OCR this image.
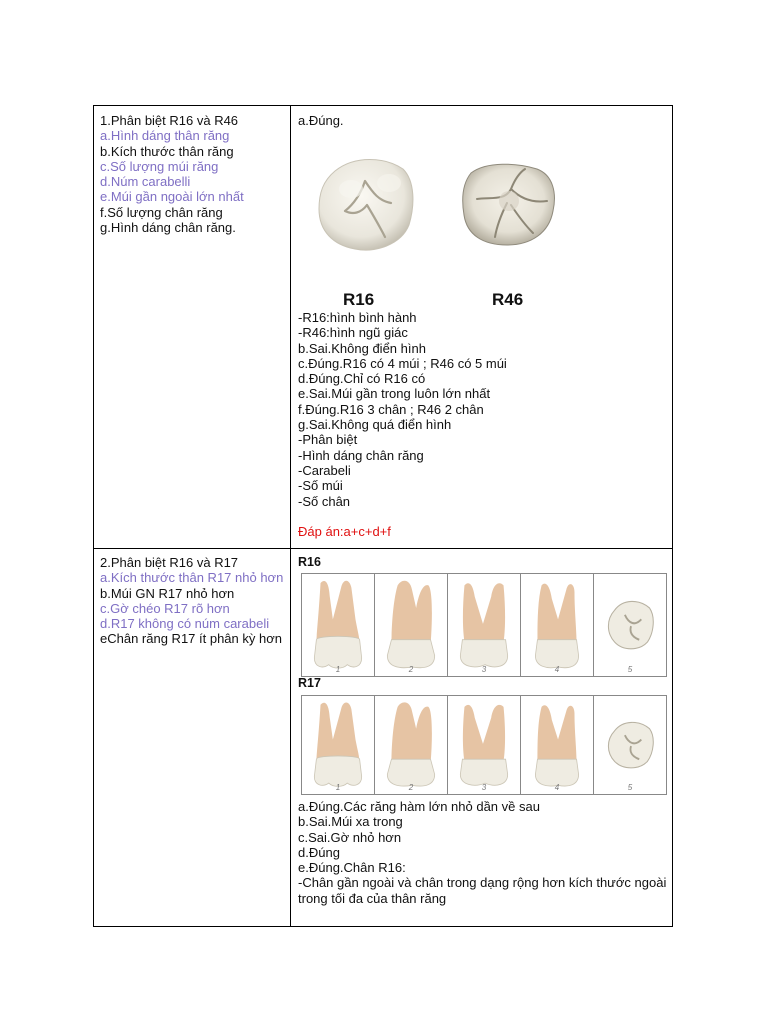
1.Phân biệt R16 và R46
a.Hình dáng thân răng
b.Kích thước thân răng
c.Số lượng múi răng
d.Núm carabelli
e.Múi gần ngoài lớn nhất
f.Số lượng chân răng
g.Hình dáng chân răng.
a.Đúng.
R16	R46
-R16:hình bình hành
-R46:hình ngũ giác
b.Sai.Không điển hình
c.Đúng.R16 có 4 múi ; R46 có 5 múi
d.Đúng.Chỉ có R16 có
e.Sai.Múi gần trong luôn lớn nhất
f.Đúng.R16 3 chân ; R46 2 chân
g.Sai.Không quá điển hình
-Phân biệt
-Hình dáng chân răng
-Carabeli
-Số múi
-Số chân
Đáp án:a+c+d+f
2.Phân biệt R16 và R17
a.Kích thước thân R17 nhỏ hơn
b.Múi GN R17 nhỏ hơn
c.Gờ chéo R17 rõ hơn
d.R17 không có núm carabeli
eChân răng R17 ít phân kỳ hơn
R16
1	2	3	4	5
R17
1	2	3	4	5
a.Đúng.Các răng hàm lớn nhỏ dần về sau
b.Sai.Múi xa trong
c.Sai.Gờ nhỏ hơn
d.Đúng
e.Đúng.Chân R16:
-Chân gần ngoài và chân trong dạng rộng hơn kích thước ngoài trong tối đa của thân răng
